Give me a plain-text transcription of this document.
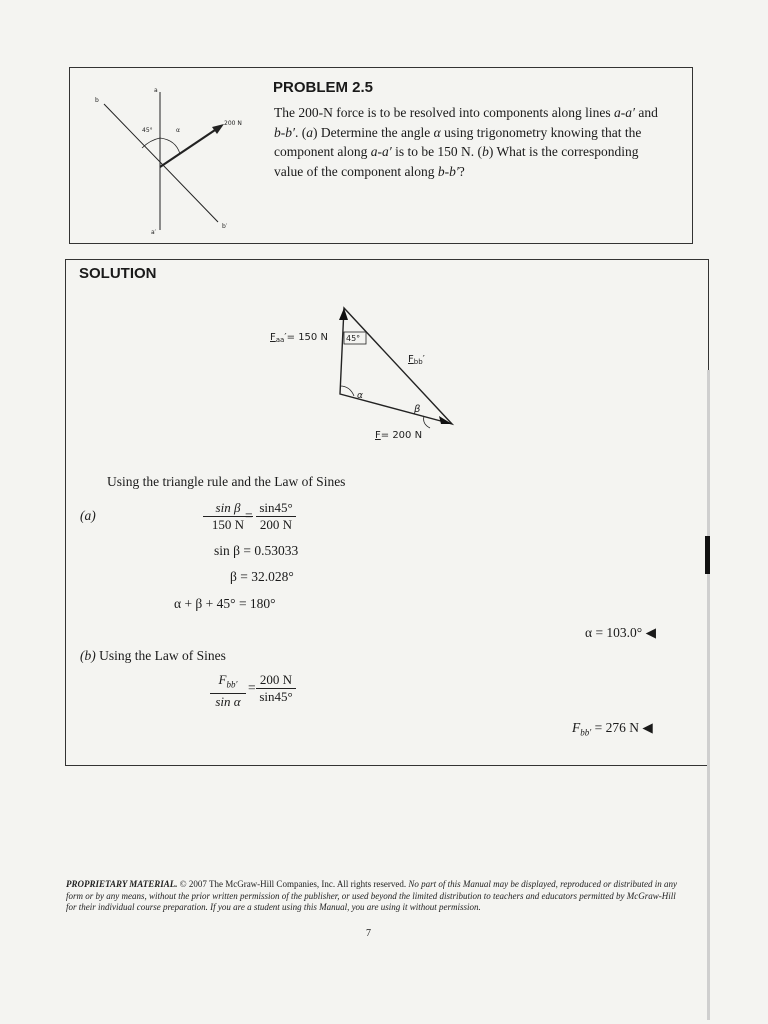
a
b
200 N
45°	α
a′
b′
PROBLEM 2.5
The 200-N force is to be resolved into components along lines a-a′ and b-b′. (a) Determine the angle α using trigonometry knowing that the component along a-a′ is to be 150 N. (b) What is the corresponding value of the component along b-b′?
SOLUTION
45°
α
β
$F_{aa}'= 150$ N
$F_{bb}'$
F= 200 N
Using the triangle rule and the Law of Sines
(a)	$\frac{\text{sin β}}{150 N}$
= $\frac{\sin 45^\circ}{200 N}$
sin β = 0.53033
β = 32.028°
α + β + 45° = 180°
α = 103.0° ◀
(b) Using the Law of Sines
$F_{bb'}$
sin α
= $\frac{200 N}{\sin 45^\circ}$
$F_{bb'} = 276$ N ◀
PROPRIETARY MATERIAL. © 2007 The McGraw-Hill Companies, Inc. All rights reserved. No part of this Manual may be displayed, reproduced or distributed in any form or by any means, without the prior written permission of the publisher, or used beyond the limited distribution to teachers and educators permitted by McGraw-Hill for their individual course preparation. If you are a student using this Manual, you are using it without permission.
7
